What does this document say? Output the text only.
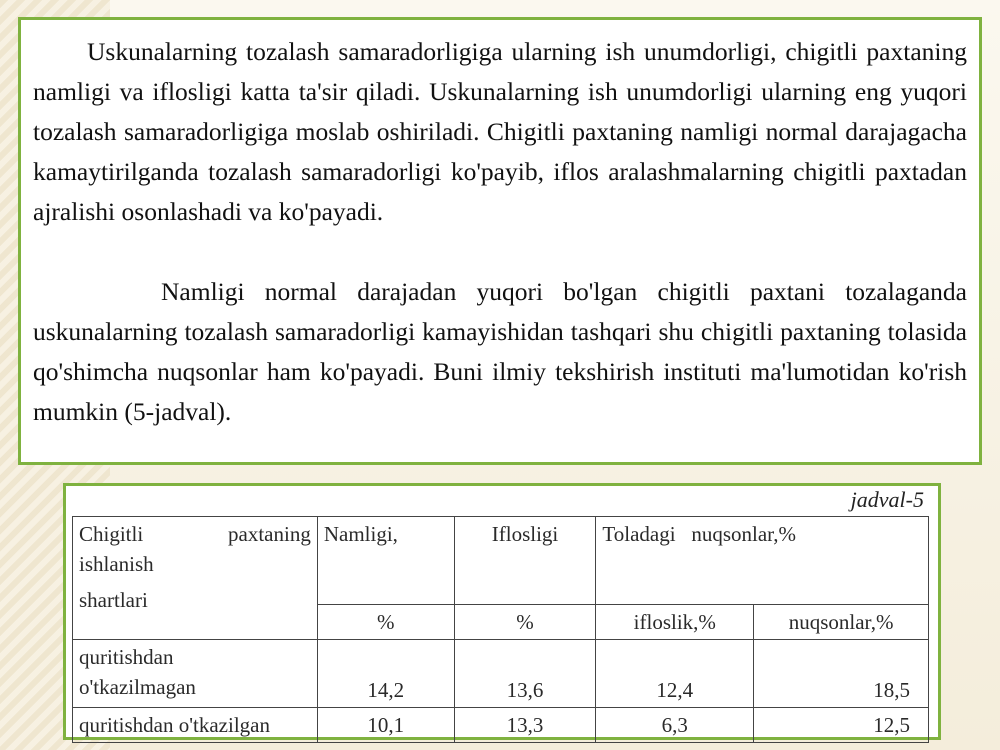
Uskunalarning tozalash samaradorligiga ularning ish unumdorligi, chigitli paxtaning namligi va iflosligi katta ta'sir qiladi. Uskunalarning ish unumdorligi ularning eng yuqori tozalash samaradorligiga moslab oshiriladi. Chigitli paxtaning namligi normal darajagacha kamaytirilganda tozalash samaradorligi ko'payib, iflos aralashmalarning chigitli paxtadan ajralishi osonlashadi va ko'payadi.

Namligi normal darajadan yuqori bo'lgan chigitli paxtani tozalaganda uskunalarning tozalash samaradorligi kamayishidan tashqari shu chigitli paxtaning tolasida qo'shimcha nuqsonlar ham ko'payadi. Buni ilmiy tekshirish instituti ma'lumotidan ko'rish mumkin (5-jadval).

jadval-5
Chigitli paxtaning
ishlanish
shartlari	Namligi,	Iflosligi	Toladagi   nuqsonlar,%	
	%	%	ifloslik,%	nuqsonlar,%

quritishdan
o'tkazilmagan	14,2	13,6	12,4	18,5
quritishdan o'tkazilgan	10,1	13,3	6,3	12,5
